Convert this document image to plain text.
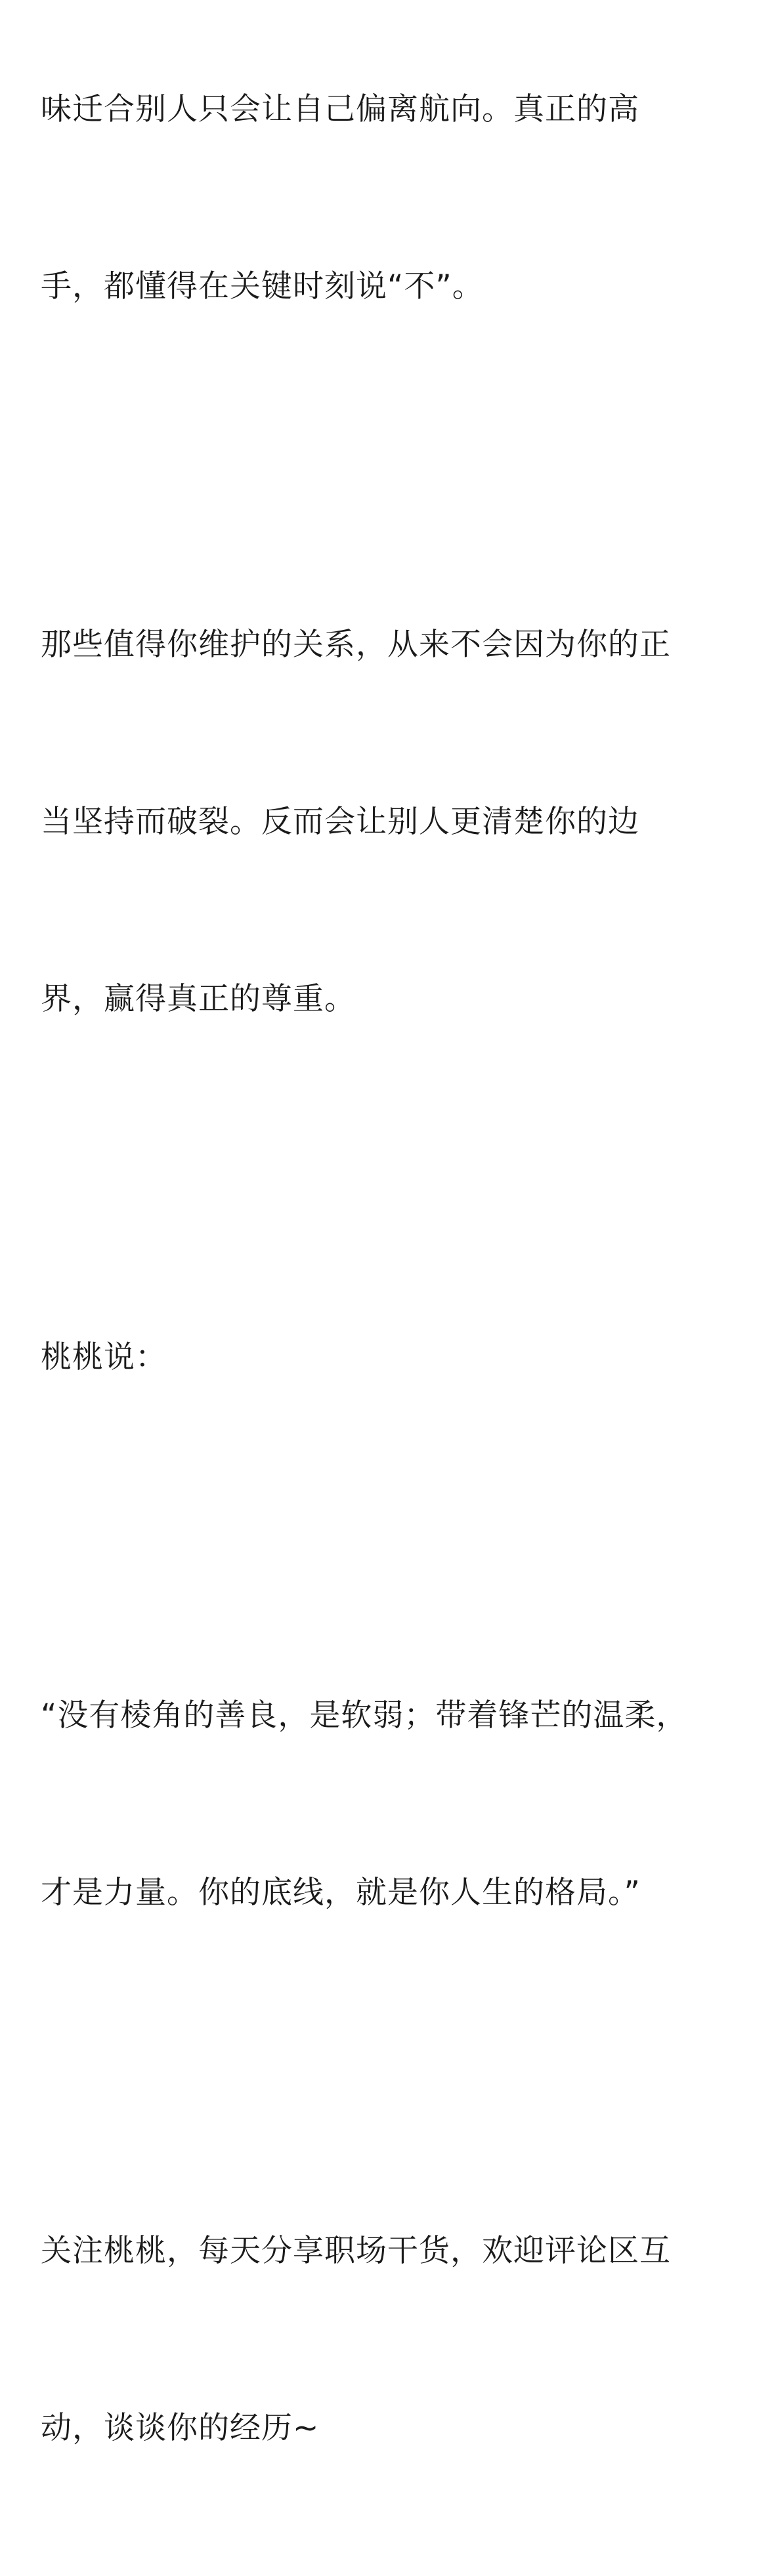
味迁合别人只会让自己偏离航向。真正的高

手，都懂得在关键时刻说“不”。

那些值得你维护的关系，从来不会因为你的正

当坚持而破裂。反而会让别人更清楚你的边

界，赢得真正的尊重。

桃桃说：

“没有棱角的善良，是软弱；带着锋芒的温柔，

才是力量。你的底线，就是你人生的格局。”

关注桃桃，每天分享职场干货，欢迎评论区互

动，谈谈你的经历~
